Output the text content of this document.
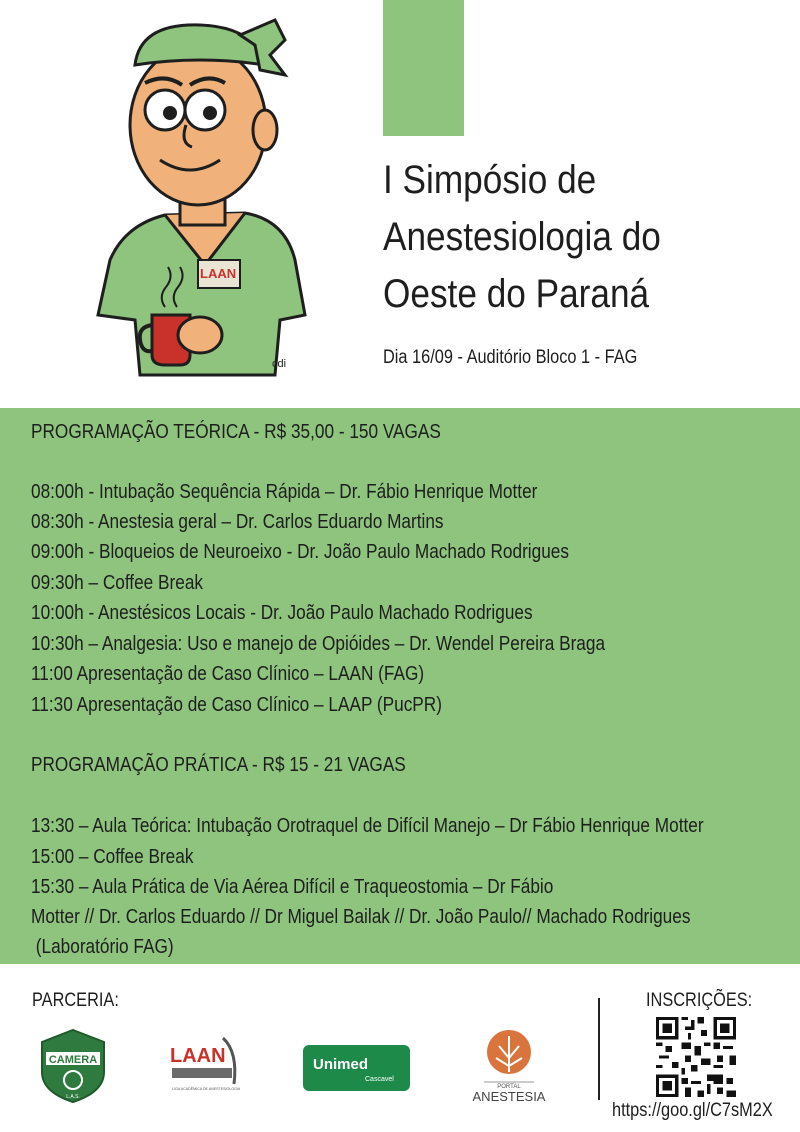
LAAN
cdi
I Simpósio de
Anestesiologia do
Oeste do Paraná
Dia 16/09 - Auditório Bloco 1 - FAG
PROGRAMAÇÃO TEÓRICA - R$ 35,00 - 150 VAGAS
08:00h - Intubação Sequência Rápida – Dr. Fábio Henrique Motter
08:30h - Anestesia geral – Dr. Carlos Eduardo Martins
09:00h - Bloqueios de Neuroeixo - Dr. João Paulo Machado Rodrigues
09:30h – Coffee Break
10:00h - Anestésicos Locais - Dr. João Paulo Machado Rodrigues
10:30h – Analgesia: Uso e manejo de Opióides – Dr. Wendel Pereira Braga
11:00 Apresentação de Caso Clínico – LAAN (FAG)
11:30 Apresentação de Caso Clínico – LAAP (PucPR)
PROGRAMAÇÃO PRÁTICA - R$ 15 - 21 VAGAS
13:30 – Aula Teórica: Intubação Orotraquel de Difícil Manejo – Dr Fábio Henrique Motter
15:00 – Coffee Break
15:30 – Aula Prática de Via Aérea Difícil e Traqueostomia – Dr Fábio
Motter // Dr. Carlos Eduardo // Dr Miguel Bailak // Dr. João Paulo// Machado Rodrigues
(Laboratório FAG)
PARCERIA:
CAMERA
L.A.S.
LAAN
LIGA ACADÊMICA DE ANESTESIOLOGIA
Unimed
Cascavel
PORTAL
ANESTESIA
INSCRIÇÕES:
https://goo.gl/C7sM2X
